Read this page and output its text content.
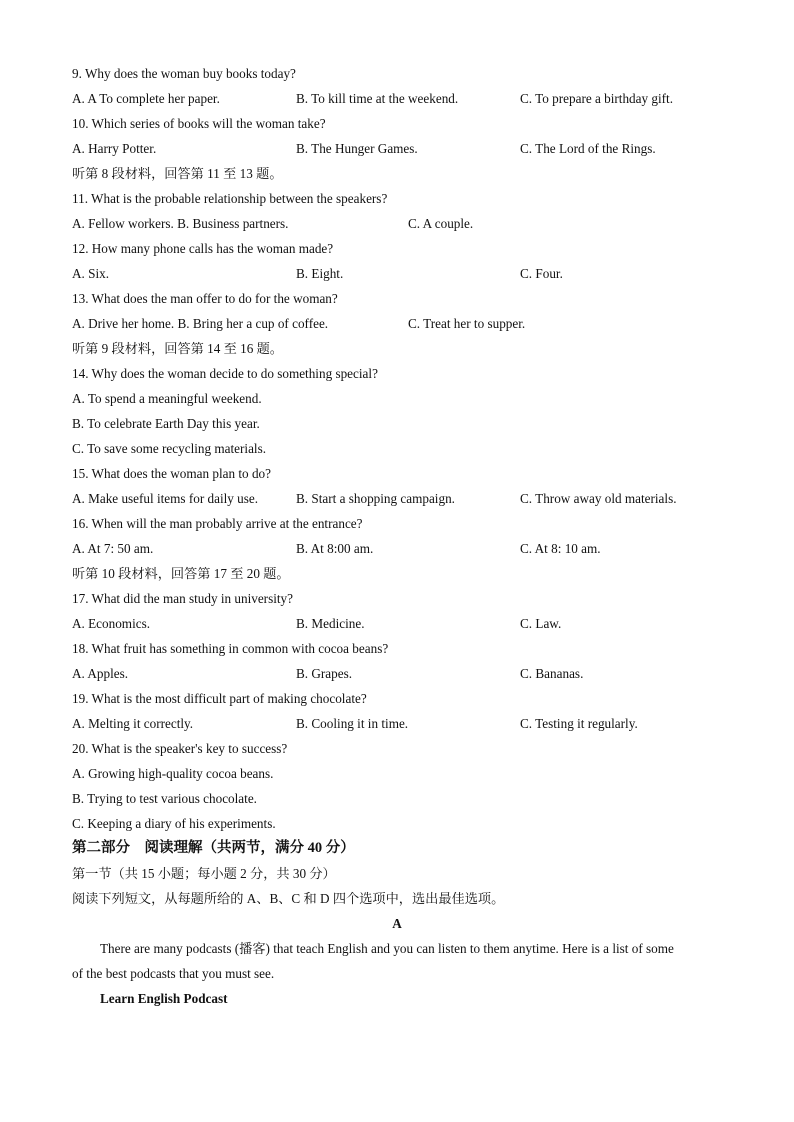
9. Why does the woman buy books today?
A. A To complete her paper.	B. To kill time at the weekend.	C. To prepare a birthday gift.
10. Which series of books will the woman take?
A. Harry Potter.	B. The Hunger Games.	C. The Lord of the Rings.
听第 8 段材料，回答第 11 至 13 题。
11. What is the probable relationship between the speakers?
A. Fellow workers. B. Business partners.	C. A couple.
12. How many phone calls has the woman made?
A. Six.	B. Eight.	C. Four.
13. What does the man offer to do for the woman?
A. Drive her home. B. Bring her a cup of coffee.	C. Treat her to supper.
听第 9 段材料，回答第 14 至 16 题。
14. Why does the woman decide to do something special?
A. To spend a meaningful weekend.
B. To celebrate Earth Day this year.
C. To save some recycling materials.
15. What does the woman plan to do?
A. Make useful items for daily use.	B. Start a shopping campaign.	C. Throw away old materials.
16. When will the man probably arrive at the entrance?
A. At 7: 50 am.	B. At 8:00 am.	C. At 8: 10 am.
听第 10 段材料，回答第 17 至 20 题。
17. What did the man study in university?
A. Economics.	B. Medicine.	C. Law.
18. What fruit has something in common with cocoa beans?
A. Apples.	B. Grapes.	C. Bananas.
19. What is the most difficult part of making chocolate?
A. Melting it correctly.	B. Cooling it in time.	C. Testing it regularly.
20. What is the speaker's key to success?
A. Growing high-quality cocoa beans.
B. Trying to test various chocolate.
C. Keeping a diary of his experiments.
第二部分　阅读理解（共两节，满分 40 分）
第一节（共 15 小题；每小题 2 分，共 30 分）
阅读下列短文，从每题所给的 A、B、C 和 D 四个选项中，选出最佳选项。
A
There are many podcasts (播客) that teach English and you can listen to them anytime. Here is a list of some
of the best podcasts that you must see.
Learn English Podcast
